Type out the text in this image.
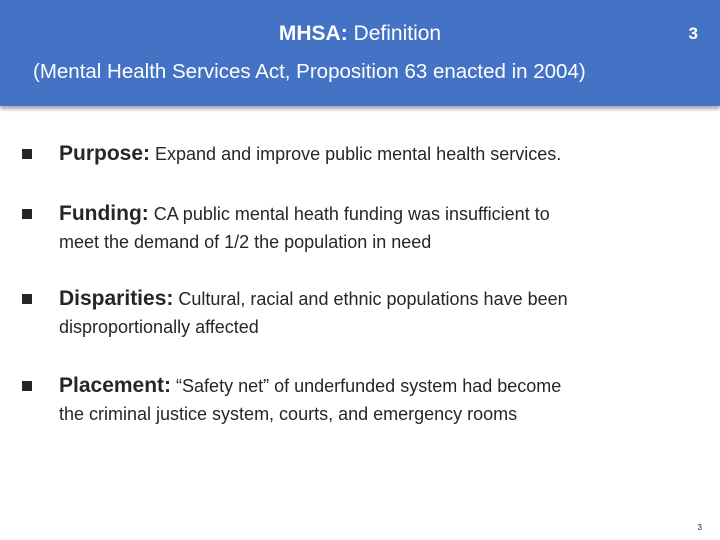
MHSA: Definition
(Mental Health Services Act, Proposition 63 enacted in 2004)
3
Purpose: Expand and improve public mental health services.
Funding: CA public mental heath funding was insufficient to
meet the demand of 1/2 the population in need
Disparities: Cultural, racial and ethnic populations have been
disproportionally affected
Placement: “Safety net” of underfunded system had become
the criminal justice system, courts, and emergency rooms
3
